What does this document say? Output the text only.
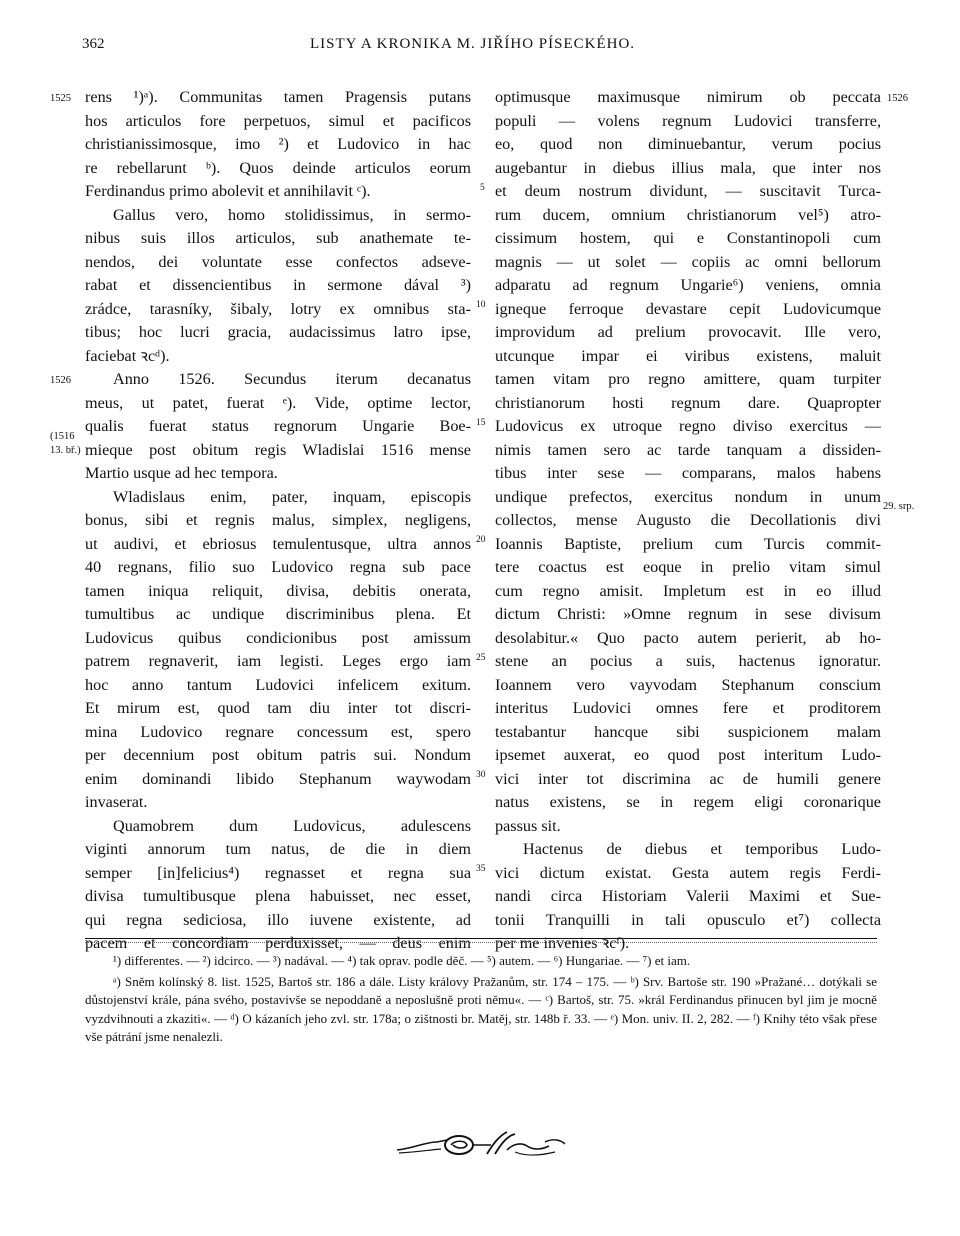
362	LISTY A KRONIKA M. JIŘÍHO PÍSECKÉHO.
1525
1526
(1516
13. bř.)
1526
29. srp.
5
10
15
20
25
30
35
rens ¹)ᵃ). Communitas tamen Pragensis putans
hos articulos fore perpetuos, simul et pacificos
christianissimosque, imo ²) et Ludovico in hac
re rebellarunt ᵇ). Quos deinde articulos eorum
Ferdinandus primo abolevit et annihilavit ᶜ).
Gallus vero, homo stolidissimus, in sermo-
nibus suis illos articulos, sub anathemate te-
nendos, dei voluntate esse confectos adseve-
rabat et dissencientibus in sermone dával ³)
zrádce, tarasníky, šibaly, lotry ex omnibus sta-
tibus; hoc lucri gracia, audacissimus latro ipse,
faciebat ꝛcᵈ).
Anno 1526. Secundus iterum decanatus
meus, ut patet, fuerat ᵉ). Vide, optime lector,
qualis fuerat status regnorum Ungarie Boe-
mieque post obitum regis Wladislai 1516 mense
Martio usque ad hec tempora.
Wladislaus enim, pater, inquam, episcopis
bonus, sibi et regnis malus, simplex, negligens,
ut audivi, et ebriosus temulentusque, ultra annos
40 regnans, filio suo Ludovico regna sub pace
tamen iniqua reliquit, divisa, debitis onerata,
tumultibus ac undique discriminibus plena. Et
Ludovicus quibus condicionibus post amissum
patrem regnaverit, iam legisti. Leges ergo iam
hoc anno tantum Ludovici infelicem exitum.
Et mirum est, quod tam diu inter tot discri-
mina Ludovico regnare concessum est, spero
per decennium post obitum patris sui. Nondum
enim dominandi libido Stephanum waywodam
invaserat.
Quamobrem dum Ludovicus, adulescens
viginti annorum tum natus, de die in diem
semper [in]felicius⁴) regnasset et regna sua
divisa tumultibusque plena habuisset, nec esset,
qui regna sediciosa, illo iuvene existente, ad
pacem et concordiam perduxisset, — deus enim
optimusque maximusque nimirum ob peccata
populi — volens regnum Ludovici transferre,
eo, quod non diminuebantur, verum pocius
augebantur in diebus illius mala, que inter nos
et deum nostrum dividunt, — suscitavit Turca-
rum ducem, omnium christianorum vel⁵) atro-
cissimum hostem, qui e Constantinopoli cum
magnis — ut solet — copiis ac omni bellorum
adparatu ad regnum Ungarie⁶) veniens, omnia
igneque ferroque devastare cepit Ludovicumque
improvidum ad prelium provocavit. Ille vero,
utcunque impar ei viribus existens, maluit
tamen vitam pro regno amittere, quam turpiter
christianorum hosti regnum dare. Quapropter
Ludovicus ex utroque regno diviso exercitus —
nimis tamen sero ac tarde tanquam a dissiden-
tibus inter sese — comparans, malos habens
undique prefectos, exercitus nondum in unum
collectos, mense Augusto die Decollationis divi
Ioannis Baptiste, prelium cum Turcis commit-
tere coactus est eoque in prelio vitam simul
cum regno amisit. Impletum est in eo illud
dictum Christi: »Omne regnum in sese divisum
desolabitur.« Quo pacto autem perierit, ab ho-
stene an pocius a suis, hactenus ignoratur.
Ioannem vero vayvodam Stephanum conscium
interitus Ludovici omnes fere et proditorem
testabantur hancque sibi suspicionem malam
ipsemet auxerat, eo quod post interitum Ludo-
vici inter tot discrimina ac de humili genere
natus existens, se in regem eligi coronarique
passus sit.
Hactenus de diebus et temporibus Ludo-
vici dictum existat. Gesta autem regis Ferdi-
nandi circa Historiam Valerii Maximi et Sue-
tonii Tranquilli in tali opusculo et⁷) collecta
per me invenies ꝛcᶠ).

¹) differentes. — ²) idcirco. — ³) nadával. — ⁴) tak oprav. podle děč. — ⁵) autem. — ⁶) Hungariae. — ⁷) et iam.

ᵃ) Sněm kolínský 8. list. 1525, Bartoš str. 186 a dále. Listy královy Pražanům, str. 174 – 175. — ᵇ) Srv. Bartoše str. 190 »Pražané… dotýkali se důstojenství krále, pána svého, postavivše se nepoddaně a neposlušně proti němu«. — ᶜ) Bartoš, str. 75. »král Ferdinandus přinucen byl jim je mocně vyzdvihnouti a zkaziti«. — ᵈ) O kázaních jeho zvl. str. 178a; o zištnosti br. Matěj, str. 148b ř. 33. — ᵉ) Mon. univ. II. 2, 282. — ᶠ) Knihy této však přese vše pátrání jsme nenalezli.
